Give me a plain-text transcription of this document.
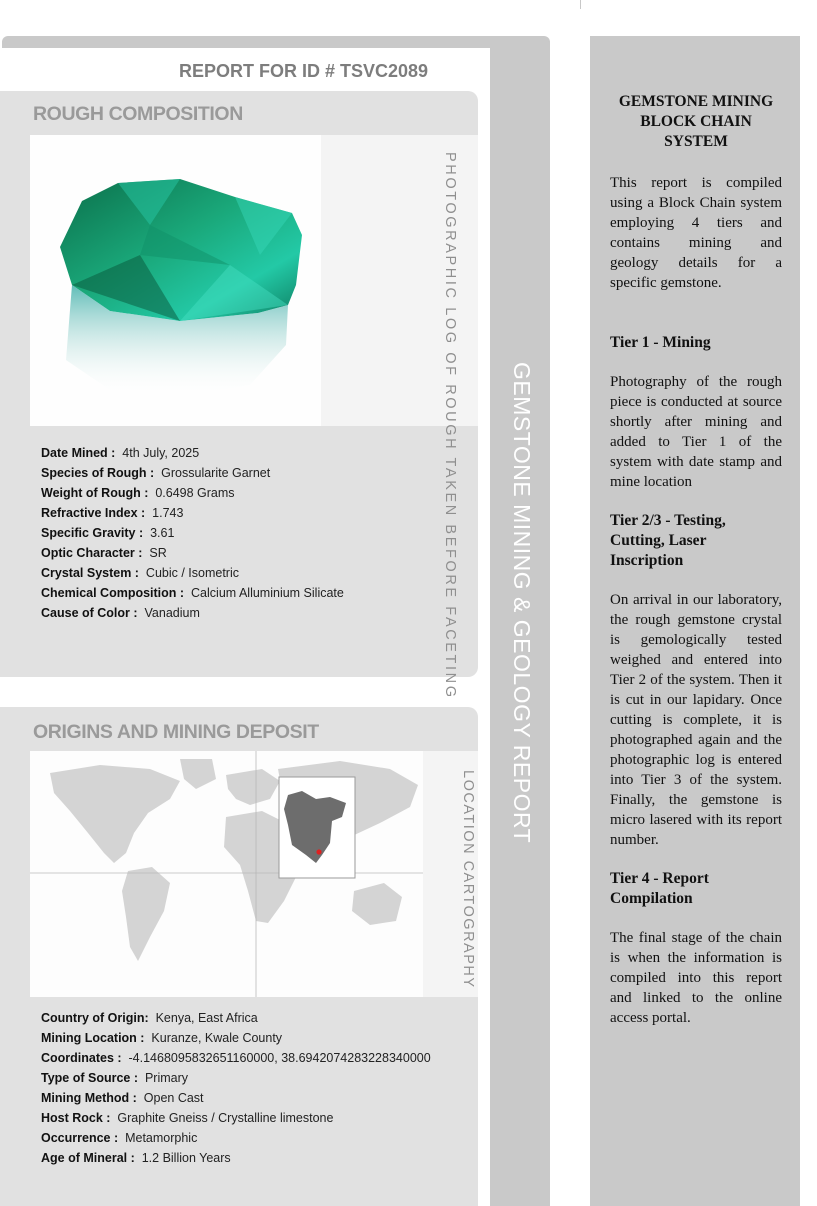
GEMSTONE MINING & GEOLOGY REPORT
REPORT FOR ID # TSVC2089
ROUGH COMPOSITION
PHOTOGRAPHIC LOG OF ROUGH TAKEN BEFORE FACETING
Date Mined : 4th July, 2025
Species of Rough : Grossularite Garnet
Weight of Rough : 0.6498 Grams
Refractive Index : 1.743
Specific Gravity : 3.61
Optic Character : SR
Crystal System : Cubic / Isometric
Chemical Composition : Calcium Alluminium Silicate
Cause of Color : Vanadium
ORIGINS AND MINING DEPOSIT
LOCATION CARTOGRAPHY
Country of Origin: Kenya, East Africa
Mining Location : Kuranze, Kwale County
Coordinates : -4.1468095832651160000, 38.6942074283228340000
Type of Source : Primary
Mining Method : Open Cast
Host Rock : Graphite Gneiss / Crystalline limestone
Occurrence : Metamorphic
Age of Mineral : 1.2 Billion Years
GEMSTONE MINING BLOCK CHAIN SYSTEM
This report is compiled using a Block Chain system employing 4 tiers and contains mining and geology details for a specific gemstone.
Tier 1 - Mining
Photography of the rough piece is conducted at source shortly after mining and added to Tier 1 of the system with date stamp and mine location
Tier 2/3 - Testing, Cutting, Laser Inscription
On arrival in our laboratory, the rough gemstone crystal is gemologically tested weighed and entered into Tier 2 of the system. Then it is cut in our lapidary. Once cutting is complete, it is photographed again and the photographic log is entered into Tier 3 of the system. Finally, the gemstone is micro lasered with its report number.
Tier 4 - Report Compilation
The final stage of the chain is when the information is compiled into this report and linked to the online access portal.
